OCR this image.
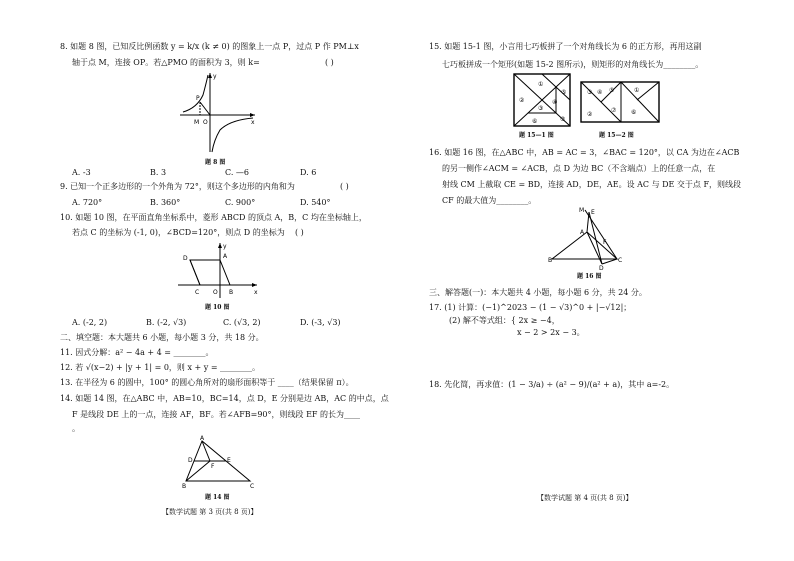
8. 如题 8 图，已知反比例函数 y = k/x (k ≠ 0) 的图象上一点 P，过点 P 作 PM⊥x
轴于点 M，连接 OP。若△PMO 的面积为 3，则 k=	( )
P
M O	x
y
题 8 图
A. -3	B. 3	C. —6	D. 6
9. 已知一个正多边形的一个外角为 72°，则这个多边形的内角和为	( )
A. 720°	B. 360°	C. 900°	D. 540°
10. 如题 10 图，在平面直角坐标系中，菱形 ABCD 的顶点 A，B，C 均在坐标轴上，
若点 C 的坐标为 (-1, 0)，∠BCD=120°，则点 D 的坐标为 ( )
D	A
C O B	x
y
题 10 图
A. (-2, 2)	B. (-2, √3)	C. (√3, 2)	D. (-3, √3)
二、填空题：本大题共 6 小题，每小题 3 分，共 18 分。
11. 因式分解：a² − 4a + 4 = ________。
12. 若 √(x−2) + |y + 1| = 0，则 x + y = ________。
13. 在半径为 6 的圆中，100° 的圆心角所对的扇形面积等于 ____（结果保留 π）。
14. 如题 14 图，在△ABC 中，AB=10，BC=14，点 D，E 分别是边 AB，AC 的中点，点
F 是线段 DE 上的一点，连接 AF，BF。若∠AFB=90°，则线段 EF 的长为____
。
A
B	C
D	E
F
题 14 图
【数学试题 第 3 页(共 8 页)】
15. 如题 15-1 图，小言用七巧板拼了一个对角线长为 6 的正方形，再用这副
七巧板拼成一个矩形(如题 15-2 图所示)，则矩形的对角线长为________。
①
②	④
③
⑤
⑥	⑦
③ ④ ⑤	①
②
⑦ ⑥
题 15—1 图	题 15—2 图
16. 如题 16 图，在△ABC 中，AB = AC = 3，∠BAC = 120°，以 CA 为边在∠ACB
的另一侧作∠ACM = ∠ACB，点 D 为边 BC（不含端点）上的任意一点，在
射线 CM 上截取 CE = BD，连接 AD，DE，AE。设 AC 与 DE 交于点 F，则线段
CF 的最大值为________。
M E
A
B	C
D
F
题 16 图
三、解答题(一)：本大题共 4 小题，每小题 6 分，共 24 分。
17. (1) 计算：(−1)^2023 − (1 − √3)^0 + |−√12|；
(2) 解不等式组：{ 2x ≥ −4，
x − 2 > 2x − 3。
18. 先化简，再求值：(1 − 3/a) ÷ (a² − 9)/(a² + a)，其中 a=-2。
【数学试题 第 4 页(共 8 页)】
